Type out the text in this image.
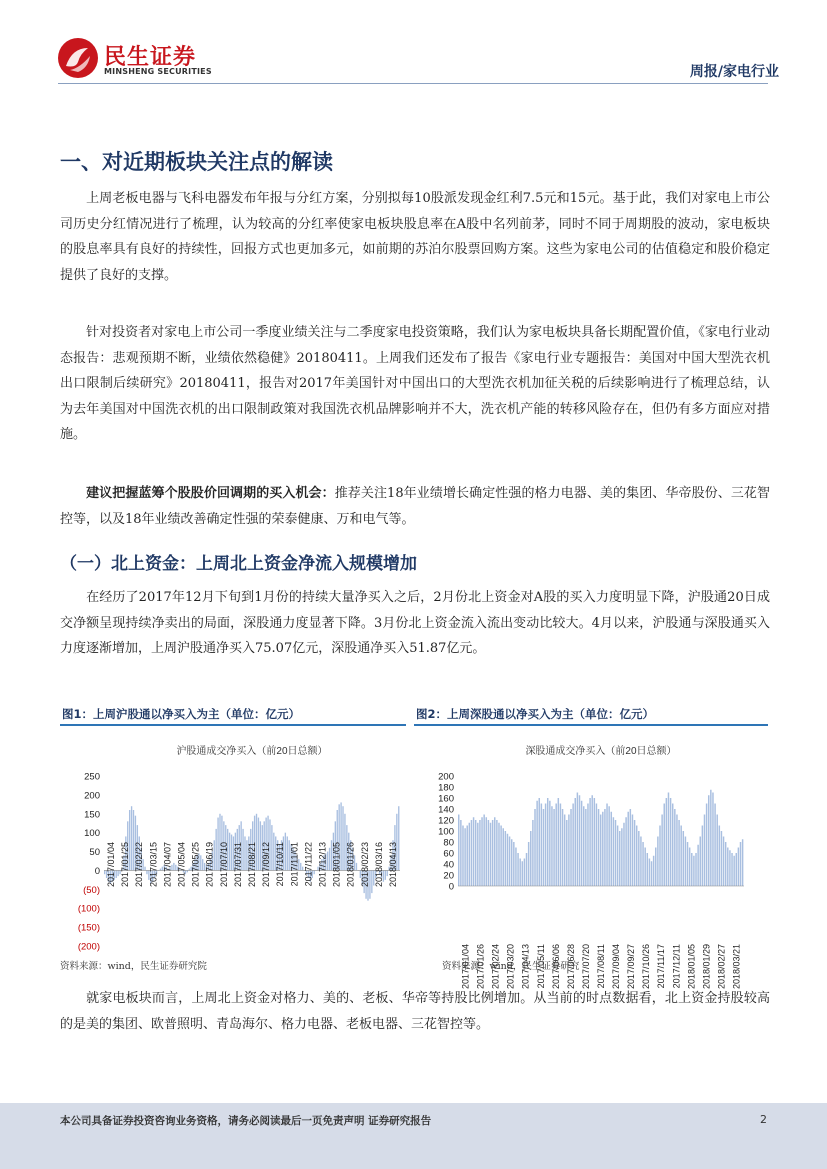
民生证券
MINSHENG SECURITIES	周报/家电行业
一、对近期板块关注点的解读
上周老板电器与飞科电器发布年报与分红方案，分别拟每10股派发现金红利7.5元和15元。基于此，我们对家电上市公司历史分红情况进行了梳理，认为较高的分红率使家电板块股息率在A股中名列前茅，同时不同于周期股的波动，家电板块的股息率具有良好的持续性，回报方式也更加多元，如前期的苏泊尔股票回购方案。这些为家电公司的估值稳定和股价稳定提供了良好的支撑。
针对投资者对家电上市公司一季度业绩关注与二季度家电投资策略，我们认为家电板块具备长期配置价值，《家电行业动态报告：悲观预期不断，业绩依然稳健》20180411。上周我们还发布了报告《家电行业专题报告：美国对中国大型洗衣机出口限制后续研究》20180411，报告对2017年美国针对中国出口的大型洗衣机加征关税的后续影响进行了梳理总结，认为去年美国对中国洗衣机的出口限制政策对我国洗衣机品牌影响并不大，洗衣机产能的转移风险存在，但仍有多方面应对措施。
建议把握蓝筹个股股价回调期的买入机会：推荐关注18年业绩增长确定性强的格力电器、美的集团、华帝股份、三花智控等，以及18年业绩改善确定性强的荣泰健康、万和电气等。
（一）北上资金：上周北上资金净流入规模增加
在经历了2017年12月下旬到1月份的持续大量净买入之后，2月份北上资金对A股的买入力度明显下降，沪股通20日成交净额呈现持续净卖出的局面，深股通力度显著下降。3月份北上资金流入流出变动比较大。4月以来，沪股通与深股通买入力度逐渐增加，上周沪股通净买入75.07亿元，深股通净买入51.87亿元。
图1：上周沪股通以净买入为主（单位：亿元）
沪股通成交净买入（前20日总额）
250
200
150
100
50
0
(50)
(100)
(150)
(200)
2017/01/04 2017/01/25 2017/02/22 2017/03/15 2017/04/07 2017/05/04 2017/05/25 2017/06/19 2017/07/10 2017/07/31 2017/08/21 2017/09/12 2017/10/11 2017/11/01 2017/11/22 2017/12/13 2018/01/05 2018/01/26 2018/02/23 2018/03/16 2018/04/13
资料来源：wind，民生证券研究院
图2：上周深股通以净买入为主（单位：亿元）
深股通成交净买入（前20日总额）
200
180
160
140
120
100
80
60
40
20
0
2017/01/04 2017/01/26 2017/02/24 2017/03/20 2017/04/13 2017/05/11 2017/06/06 2017/06/28 2017/07/20 2017/08/11 2017/09/04 2017/09/27 2017/10/26 2017/11/17 2017/12/11 2018/01/05 2018/01/29 2018/02/27 2018/03/21
资料来源：wind，民生证券研究
就家电板块而言，上周北上资金对格力、美的、老板、华帝等持股比例增加。从当前的时点数据看，北上资金持股较高的是美的集团、欧普照明、青岛海尔、格力电器、老板电器、三花智控等。
本公司具备证券投资咨询业务资格，请务必阅读最后一页免责声明 证券研究报告	2
